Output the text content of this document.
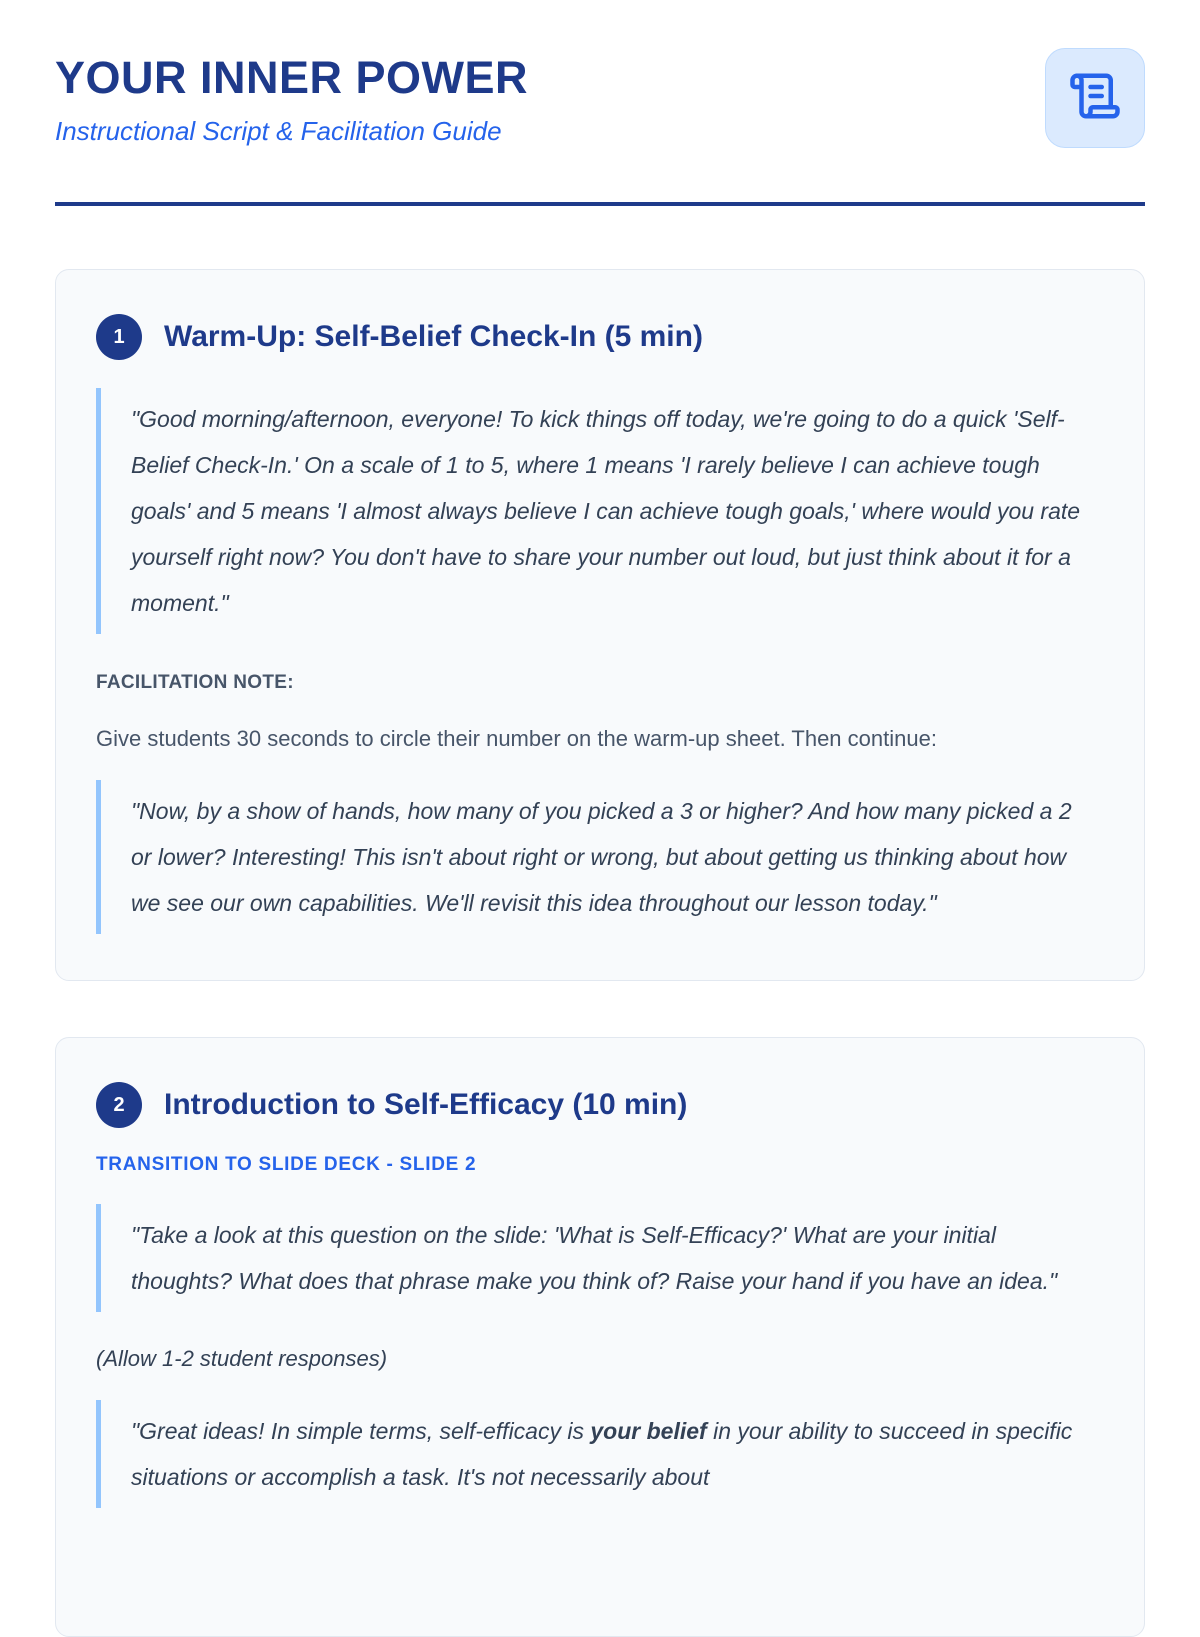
YOUR INNER POWER
Instructional Script & Facilitation Guide
1	Warm-Up: Self-Belief Check-In (5 min)
"Good morning/afternoon, everyone! To kick things off today, we're going to do a quick 'Self-Belief Check-In.' On a scale of 1 to 5, where 1 means 'I rarely believe I can achieve tough goals' and 5 means 'I almost always believe I can achieve tough goals,' where would you rate yourself right now? You don't have to share your number out loud, but just think about it for a moment."

FACILITATION NOTE:

Give students 30 seconds to circle their number on the warm-up sheet. Then continue:

"Now, by a show of hands, how many of you picked a 3 or higher? And how many picked a 2 or lower? Interesting! This isn't about right or wrong, but about getting us thinking about how we see our own capabilities. We'll revisit this idea throughout our lesson today."
2	Introduction to Self-Efficacy (10 min)

TRANSITION TO SLIDE DECK - SLIDE 2

"Take a look at this question on the slide: 'What is Self-Efficacy?' What are your initial thoughts? What does that phrase make you think of? Raise your hand if you have an idea."

(Allow 1-2 student responses)

"Great ideas! In simple terms, self-efficacy is your belief in your ability to succeed in specific situations or accomplish a task. It's not necessarily about
